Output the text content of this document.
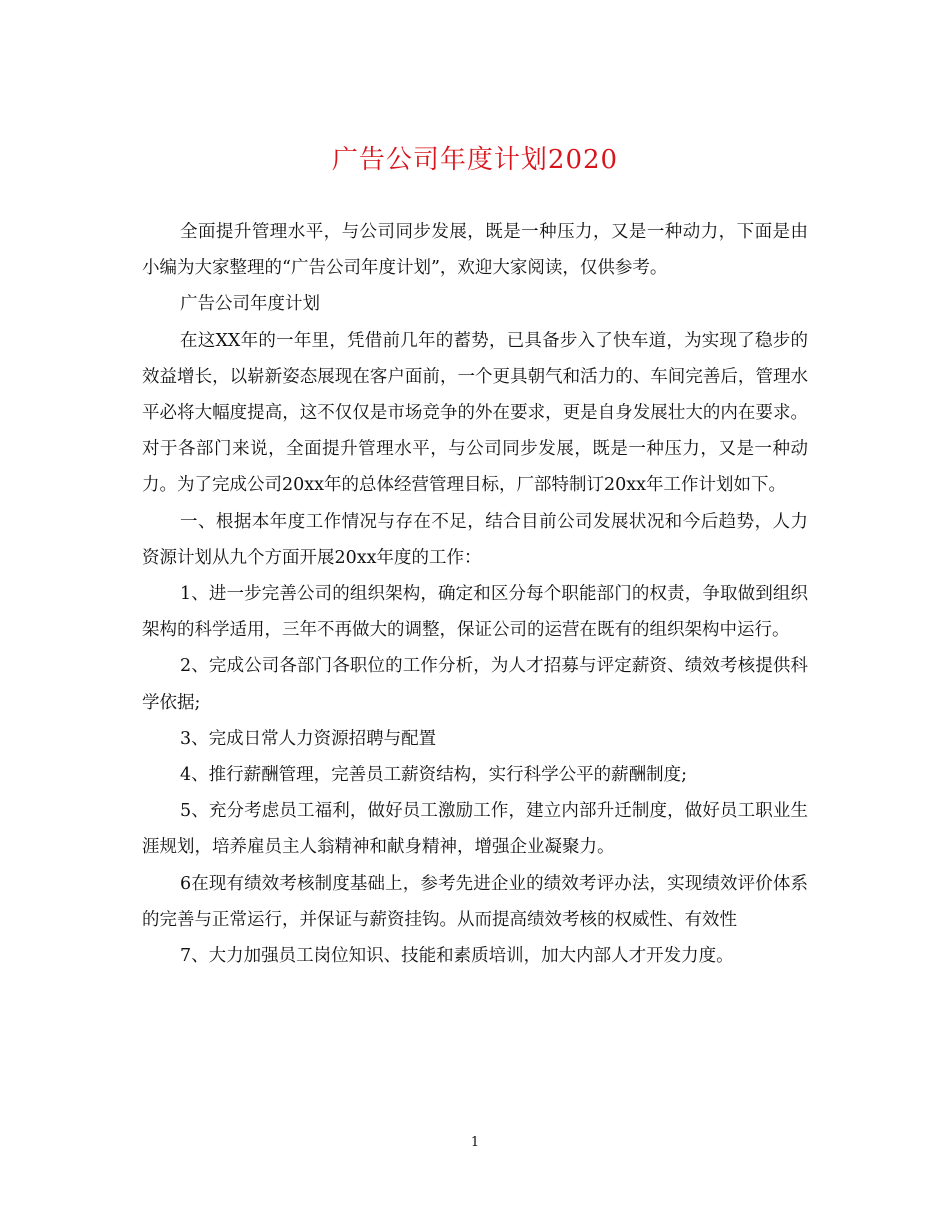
广告公司年度计划2020

全面提升管理水平，与公司同步发展，既是一种压力，又是一种动力，下面是由小编为大家整理的“广告公司年度计划”，欢迎大家阅读，仅供参考。

广告公司年度计划

在这XX年的一年里，凭借前几年的蓄势，已具备步入了快车道，为实现了稳步的效益增长，以崭新姿态展现在客户面前，一个更具朝气和活力的、车间完善后，管理水平必将大幅度提高，这不仅仅是市场竞争的外在要求，更是自身发展壮大的内在要求。对于各部门来说，全面提升管理水平，与公司同步发展，既是一种压力，又是一种动力。为了完成公司20xx年的总体经营管理目标，厂部特制订20xx年工作计划如下。

一、根据本年度工作情况与存在不足，结合目前公司发展状况和今后趋势，人力资源计划从九个方面开展20xx年度的工作：

1、进一步完善公司的组织架构，确定和区分每个职能部门的权责，争取做到组织架构的科学适用，三年不再做大的调整，保证公司的运营在既有的组织架构中运行。

2、完成公司各部门各职位的工作分析，为人才招募与评定薪资、绩效考核提供科学依据;

3、完成日常人力资源招聘与配置

4、推行薪酬管理，完善员工薪资结构，实行科学公平的薪酬制度;

5、充分考虑员工福利，做好员工激励工作，建立内部升迁制度，做好员工职业生涯规划，培养雇员主人翁精神和献身精神，增强企业凝聚力。

6在现有绩效考核制度基础上，参考先进企业的绩效考评办法，实现绩效评价体系的完善与正常运行，并保证与薪资挂钩。从而提高绩效考核的权威性、有效性

7、大力加强员工岗位知识、技能和素质培训，加大内部人才开发力度。

1
